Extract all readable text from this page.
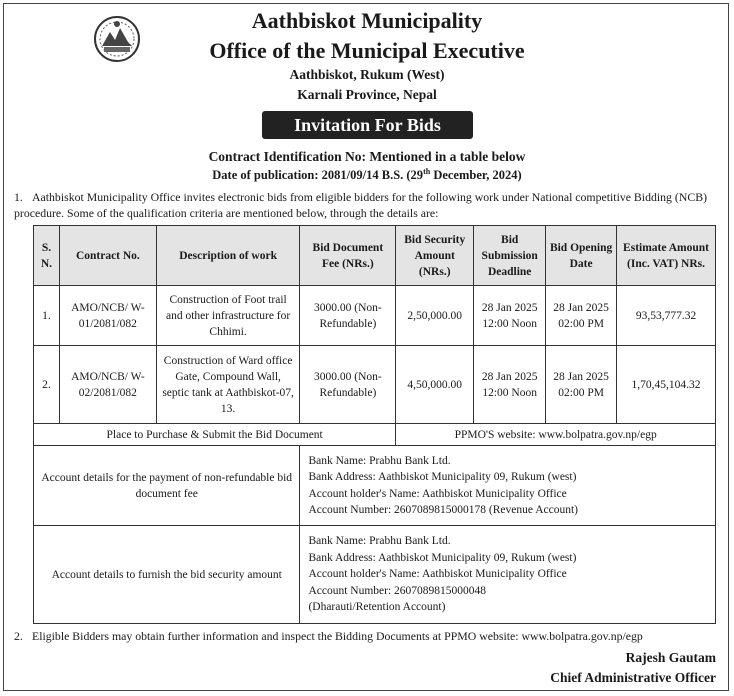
Aathbiskot Municipality
Office of the Municipal Executive
Aathbiskot, Rukum (West)
Karnali Province, Nepal
Invitation For Bids
Contract Identification No: Mentioned in a table below
Date of publication: 2081/09/14 B.S. (29th December, 2024)
1. Aathbiskot Municipality Office invites electronic bids from eligible bidders for the following work under National competitive Bidding (NCB) procedure. Some of the qualification criteria are mentioned below, through the details are:
S. N.	Contract No.	Description of work	Bid Document Fee (NRs.)	Bid Security Amount (NRs.)	Bid Submission Deadline	Bid Opening Date	Estimate Amount (Inc. VAT) NRs.
1.	AMO/NCB/ W-01/2081/082	Construction of Foot trail and other infrastructure for Chhimi.	3000.00 (Non-Refundable)	2,50,000.00	28 Jan 2025 12:00 Noon	28 Jan 2025 02:00 PM	93,53,777.32
2.	AMO/NCB/ W-02/2081/082	Construction of Ward office Gate, Compound Wall, septic tank at Aathbiskot-07, 13.	3000.00 (Non-Refundable)	4,50,000.00	28 Jan 2025 12:00 Noon	28 Jan 2025 02:00 PM	1,70,45,104.32
Place to Purchase & Submit the Bid Document				PPMO'S website: www.bolpatra.gov.np/egp			
Account details for the payment of non-refundable bid document fee			Bank Name: Prabhu Bank Ltd.
Bank Address: Aathbiskot Municipality 09, Rukum (west)
Account holder's Name: Aathbiskot Municipality Office
Account Number: 2607089815000178 (Revenue Account)				

Account details to furnish the bid security amount			Bank Name: Prabhu Bank Ltd.
Bank Address: Aathbiskot Municipality 09, Rukum (west)
Account holder's Name: Aathbiskot Municipality Office
Account Number: 2607089815000048
(Dharauti/Retention Account)				
2. Eligible Bidders may obtain further information and inspect the Bidding Documents at PPMO website: www.bolpatra.gov.np/egp
Rajesh Gautam
Chief Administrative Officer
